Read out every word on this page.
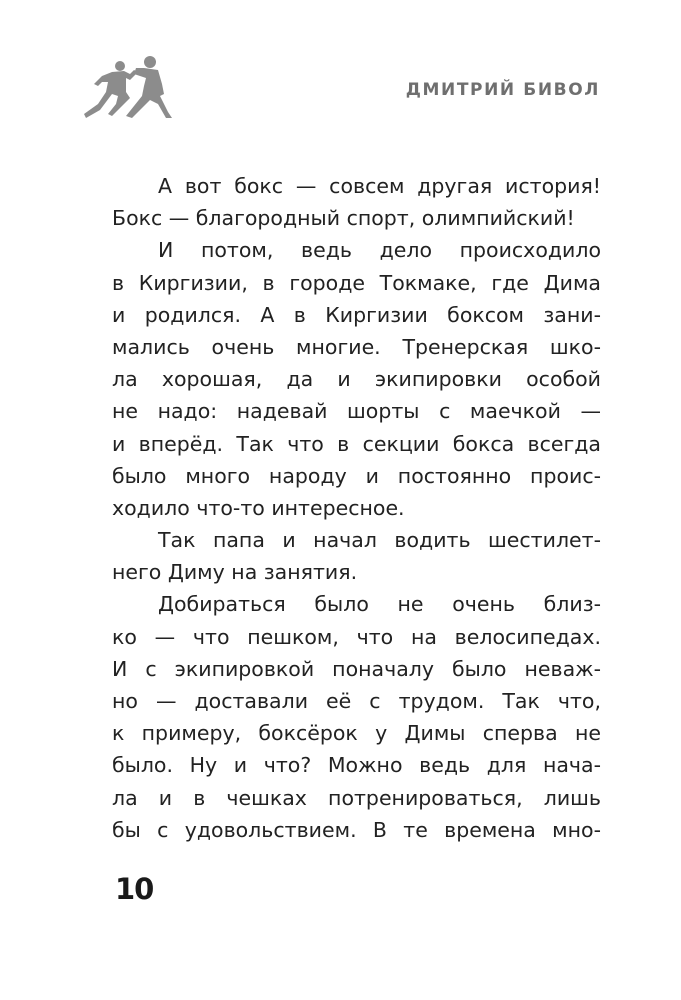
ДМИТРИЙ БИВОЛ
А вот бокс — совсем другая история!
Бокс — благородный спорт, олимпийский!
И потом, ведь дело происходило
в Киргизии, в городе Токмаке, где Дима
и родился. А в Киргизии боксом зани-
мались очень многие. Тренерская шко-
ла хорошая, да и экипировки особой
не надо: надевай шорты с маечкой —
и вперёд. Так что в секции бокса всегда
было много народу и постоянно проис-
ходило что-то интересное.
Так папа и начал водить шестилет-
него Диму на занятия.
Добираться было не очень близ-
ко — что пешком, что на велосипедах.
И с экипировкой поначалу было неваж-
но — доставали её с трудом. Так что,
к примеру, боксёрок у Димы сперва не
было. Ну и что? Можно ведь для нача-
ла и в чешках потренироваться, лишь
бы с удовольствием. В те времена мно-
10
